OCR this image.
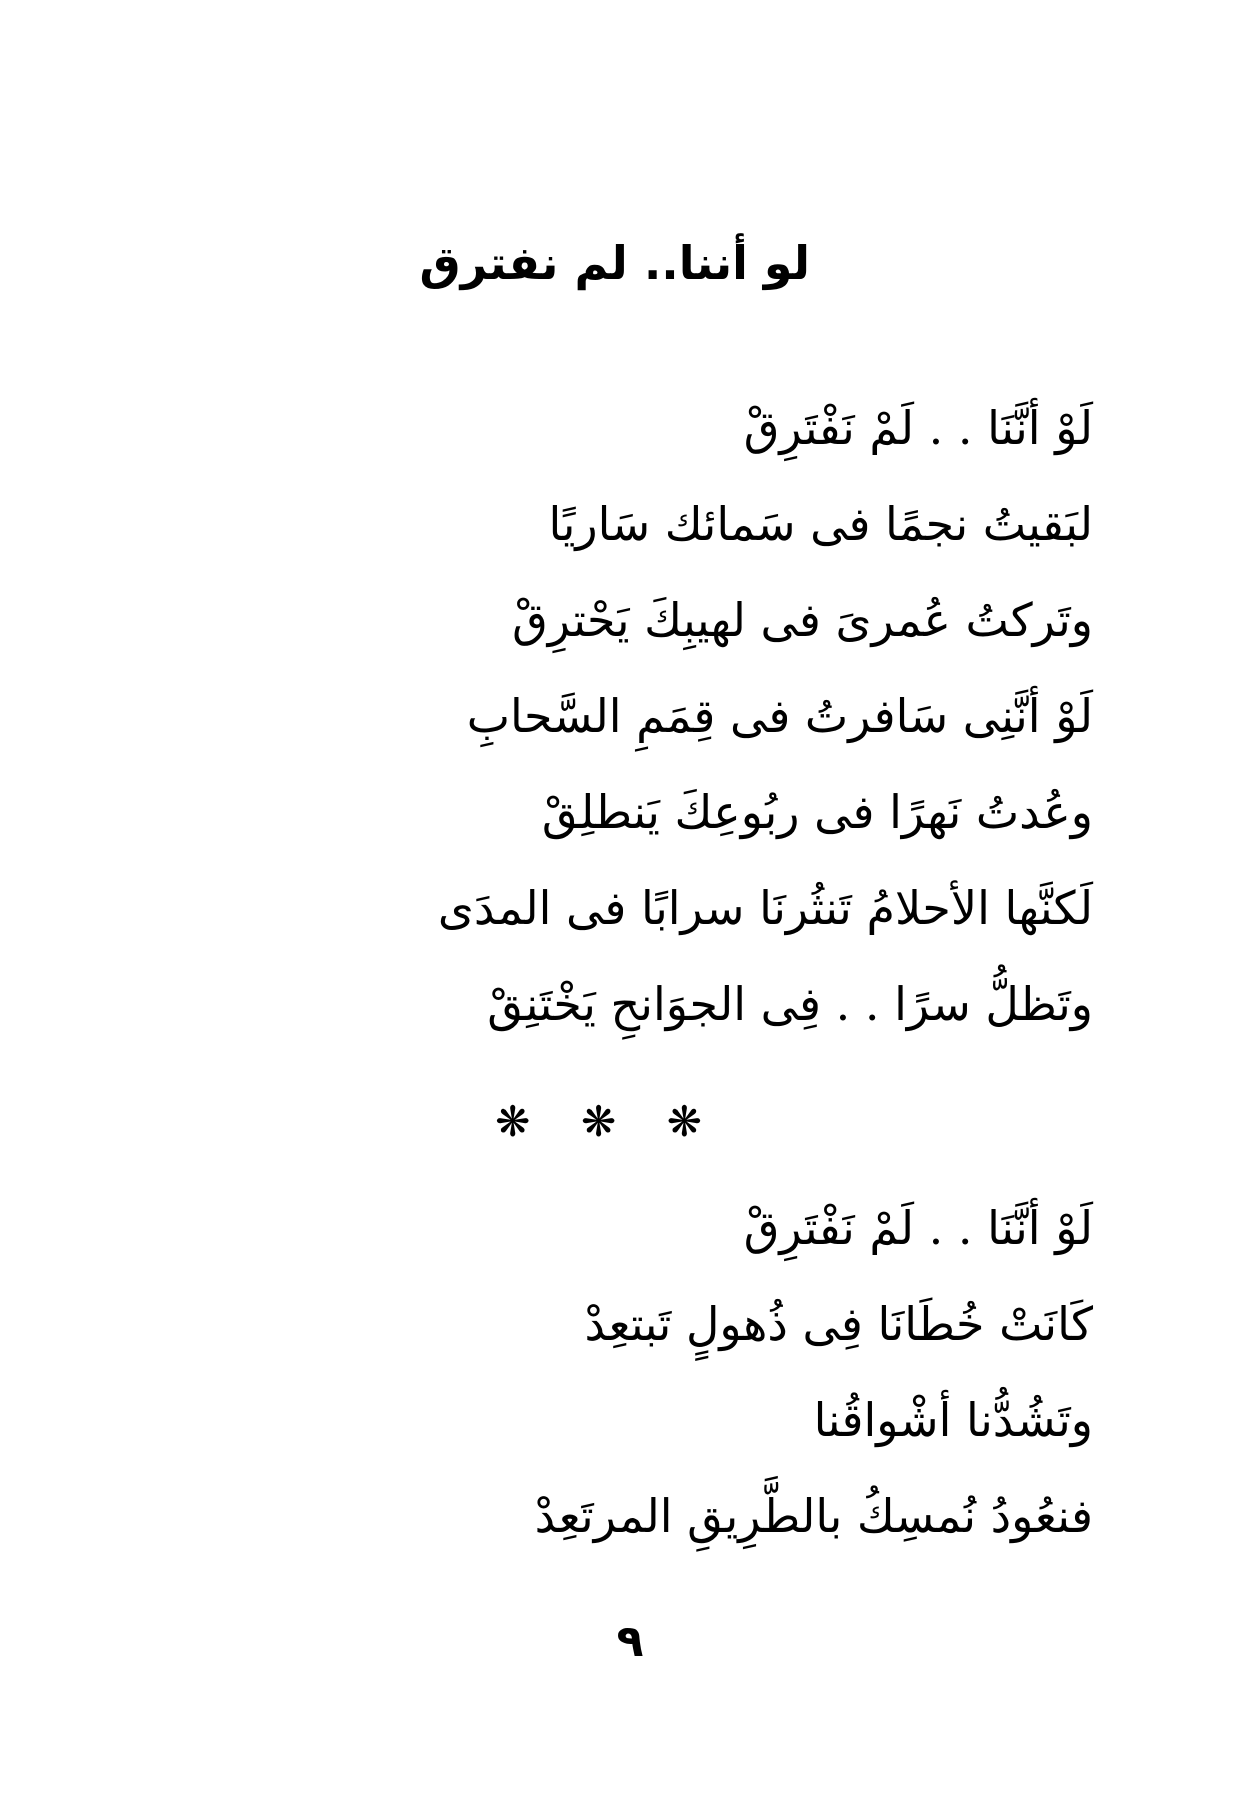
لو أننا.. لم نفترق
لَوْ أنَّنَا . . لَمْ نَفْتَرِقْ
لبَقيتُ نجمًا فى سَمائك سَاريًا
وتَركتُ عُمرىَ فى لهيبِكَ يَحْترِقْ
لَوْ أنَّنِى سَافرتُ فى قِمَمِ السَّحابِ
وعُدتُ نَهرًا فى ربُوعِكَ يَنطلِقْ
لَكنَّها الأحلامُ تَنثُرنَا سرابًا فى المدَى
وتَظلُّ سرًا . . فِى الجوَانحِ يَخْتَنِقْ
❋ ❋ ❋
لَوْ أنَّنَا . . لَمْ نَفْتَرِقْ
كَانَتْ خُطَانَا فِى ذُهولٍ تَبتعِدْ
وتَشُدُّنا أشْواقُنا
فنعُودُ نُمسِكُ بالطَّرِيقِ المرتَعِدْ
٩
